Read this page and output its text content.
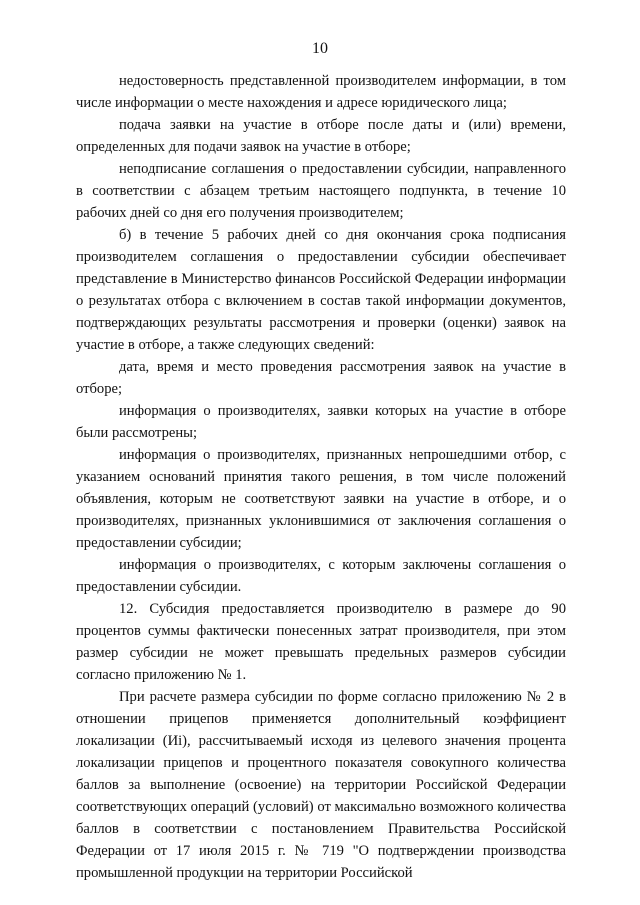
10

недостоверность представленной производителем информации, в том числе информации о месте нахождения и адресе юридического лица;

подача заявки на участие в отборе после даты и (или) времени, определенных для подачи заявок на участие в отборе;

неподписание соглашения о предоставлении субсидии, направленного в соответствии с абзацем третьим настоящего подпункта, в течение 10 рабочих дней со дня его получения производителем;

б) в течение 5 рабочих дней со дня окончания срока подписания производителем соглашения о предоставлении субсидии обеспечивает представление в Министерство финансов Российской Федерации информации о результатах отбора с включением в состав такой информации документов, подтверждающих результаты рассмотрения и проверки (оценки) заявок на участие в отборе, а также следующих сведений:

дата, время и место проведения рассмотрения заявок на участие в отборе;

информация о производителях, заявки которых на участие в отборе были рассмотрены;

информация о производителях, признанных непрошедшими отбор, с указанием оснований принятия такого решения, в том числе положений объявления, которым не соответствуют заявки на участие в отборе, и о производителях, признанных уклонившимися от заключения соглашения о предоставлении субсидии;

информация о производителях, с которым заключены соглашения о предоставлении субсидии.

12. Субсидия предоставляется производителю в размере до 90 процентов суммы фактически понесенных затрат производителя, при этом размер субсидии не может превышать предельных размеров субсидии согласно приложению № 1.

При расчете размера субсидии по форме согласно приложению № 2 в отношении прицепов применяется дополнительный коэффициент локализации (Иi), рассчитываемый исходя из целевого значения процента локализации прицепов и процентного показателя совокупного количества баллов за выполнение (освоение) на территории Российской Федерации соответствующих операций (условий) от максимально возможного количества баллов в соответствии с постановлением Правительства Российской Федерации от 17 июля 2015 г. № 719 "О подтверждении производства промышленной продукции на территории Российской
